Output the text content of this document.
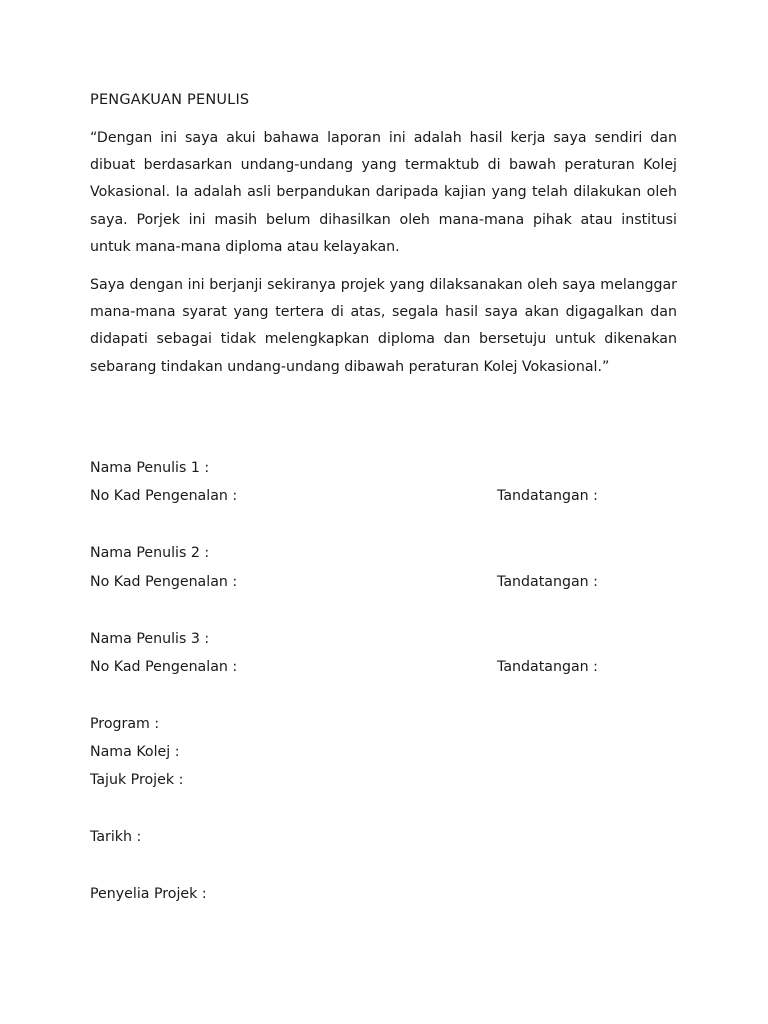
PENGAKUAN PENULIS

“Dengan ini saya akui bahawa laporan ini adalah hasil kerja saya sendiri dan dibuat berdasarkan undang-undang yang termaktub di bawah peraturan Kolej Vokasional. Ia adalah asli berpandukan daripada kajian yang telah dilakukan oleh saya. Porjek ini masih belum dihasilkan oleh mana-mana pihak atau institusi untuk mana-mana diploma atau kelayakan.

Saya dengan ini berjanji sekiranya projek yang dilaksanakan oleh saya melanggar mana-mana syarat yang tertera di atas, segala hasil saya akan digagalkan dan didapati sebagai tidak melengkapkan diploma dan bersetuju untuk dikenakan sebarang tindakan undang-undang dibawah peraturan Kolej Vokasional.”

Nama Penulis 1 :

No Kad Pengenalan :	Tandatangan :

Nama Penulis 2 :

No Kad Pengenalan :	Tandatangan :

Nama Penulis 3 :

No Kad Pengenalan :	Tandatangan :

Program :

Nama Kolej :

Tajuk Projek :

Tarikh :

Penyelia Projek :
